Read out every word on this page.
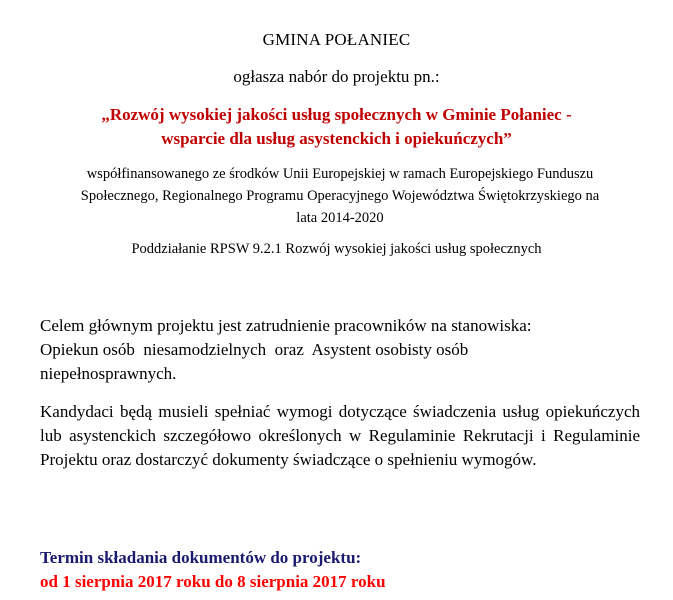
GMINA POŁANIEC
ogłasza nabór do projektu pn.:
„Rozwój wysokiej jakości usług społecznych w Gminie Połaniec -
wsparcie dla usług asystenckich i opiekuńczych”
współfinansowanego ze środków Unii Europejskiej w ramach Europejskiego Funduszu
Społecznego, Regionalnego Programu Operacyjnego Województwa Świętokrzyskiego na
lata 2014-2020
Poddziałanie RPSW 9.2.1 Rozwój wysokiej jakości usług społecznych
Celem głównym projektu jest zatrudnienie pracowników na stanowiska:
Opiekun osób  niesamodzielnych  oraz  Asystent osobisty osób
niepełnosprawnych.
Kandydaci będą musieli spełniać wymogi dotyczące świadczenia usług opiekuńczych lub asystenckich szczegółowo określonych w Regulaminie Rekrutacji i Regulaminie Projektu oraz dostarczyć dokumenty świadczące o spełnieniu wymogów.
Termin składania dokumentów do projektu:
od 1 sierpnia 2017 roku do 8 sierpnia 2017 roku
